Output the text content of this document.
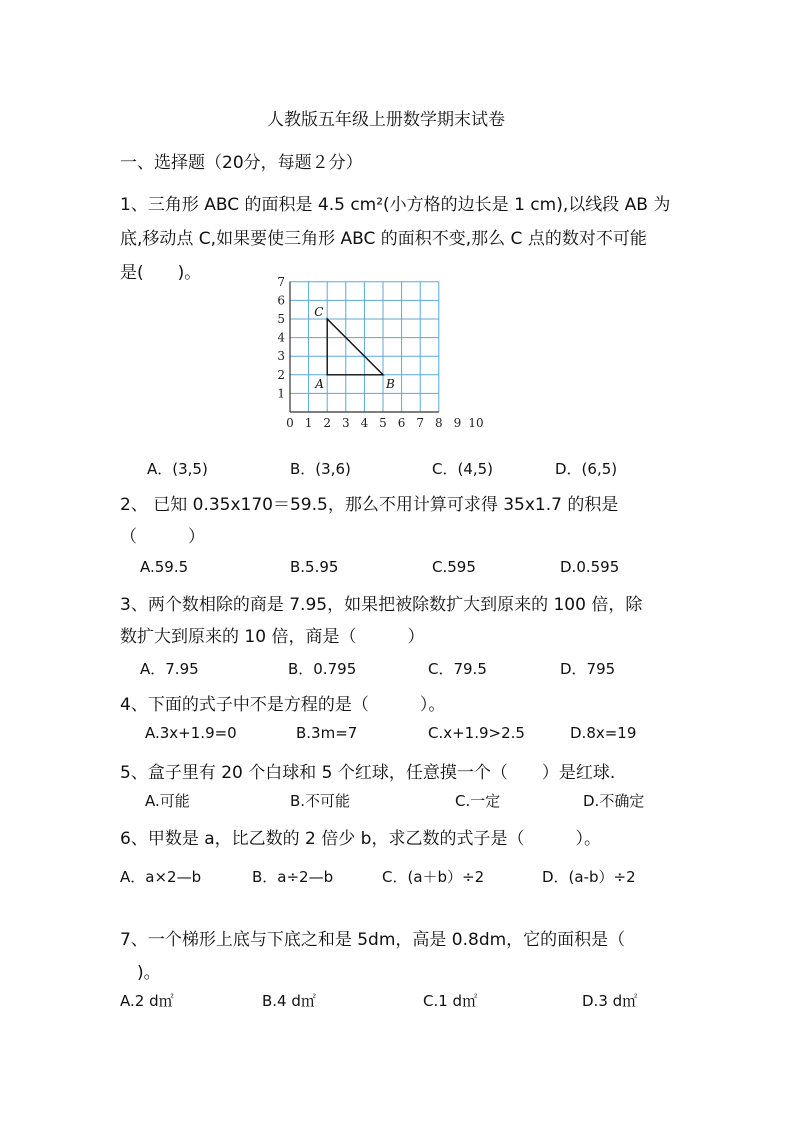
人教版五年级上册数学期末试卷
一、选择题（20分，每题２分）
1、三角形 ABC 的面积是 4.5 cm²(小方格的边长是 1 cm),以线段 AB 为
底,移动点 C,如果要使三角形 ABC 的面积不变,那么 C 点的数对不可能
是(　　)。
0 1 2 3 4 5 6 7 8 9 10
1
2
3
4
5
6
7
A	B
C
A．(3,5)	B．(3,6)	C．(4,5)	D．(6,5)
2、 已知 0.35x170＝59.5，那么不用计算可求得 35x1.7 的积是
（　　　）
A.59.5	B.5.95	C.595	D.0.595
3、两个数相除的商是 7.95，如果把被除数扩大到原来的 100 倍，除
数扩大到原来的 10 倍，商是（　　　）
A．7.95	B．0.795	C．79.5	D．795
4、下面的式子中不是方程的是（　　　）。
A.3x+1.9=0	B.3m=7	C.x+1.9>2.5	D.8x=19
5、盒子里有 20 个白球和 5 个红球，任意摸一个（　　）是红球.
A.可能	B.不可能	C.一定	D.不确定
6、甲数是 a，比乙数的 2 倍少 b，求乙数的式子是（　　　）。
A．a×2—b	B．a÷2—b	C．(a＋b）÷2	D．(a-b）÷2
7、一个梯形上底与下底之和是 5dm，高是 0.8dm，它的面积是（
　)。
A.2 d㎡	B.4 d㎡	C.1 d㎡	D.3 d㎡
